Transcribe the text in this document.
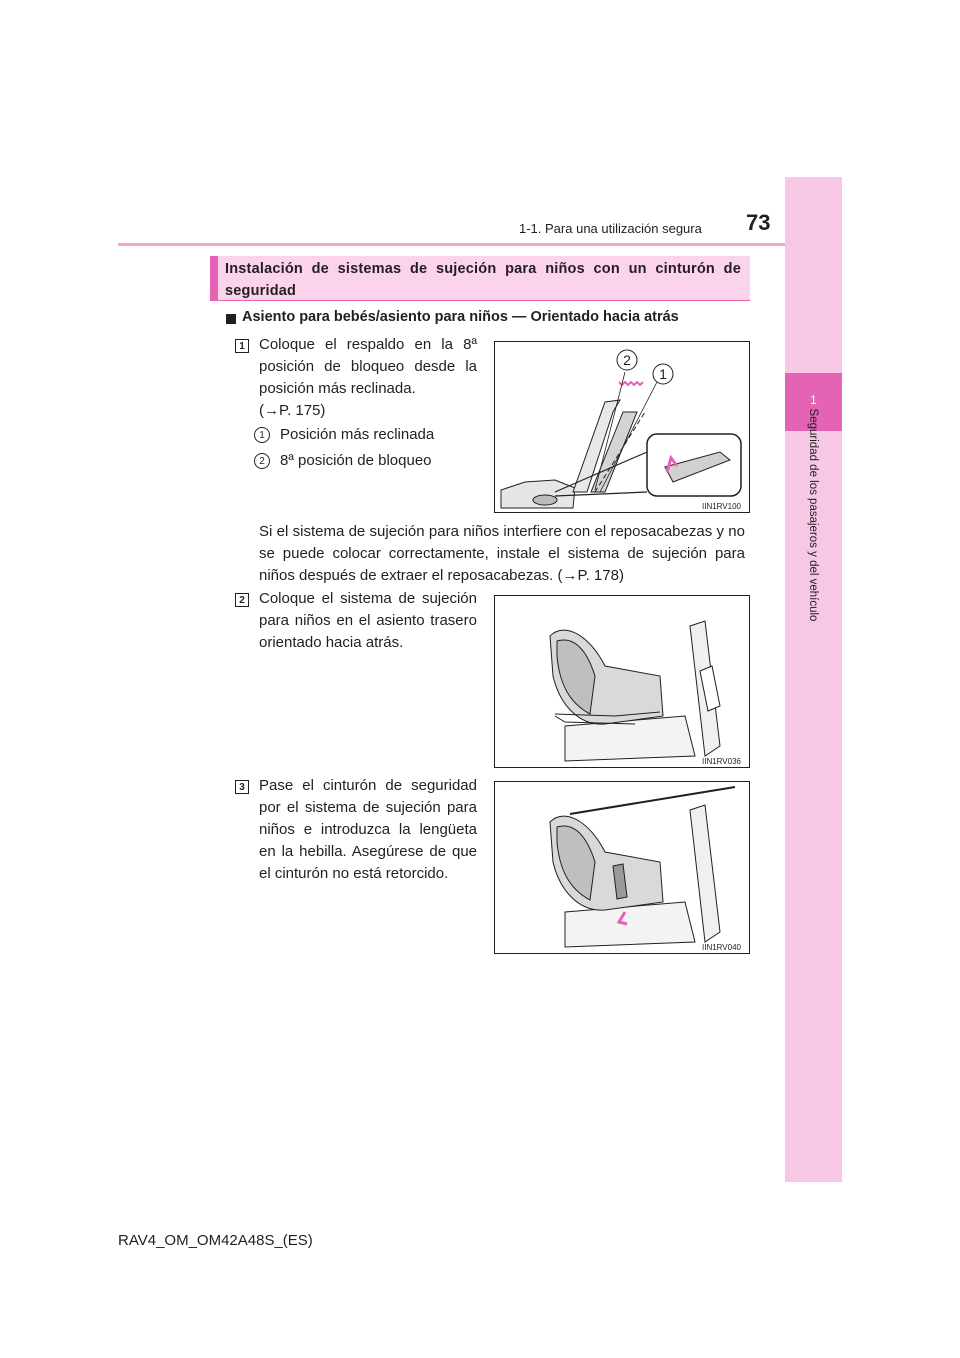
1-1. Para una utilización segura 73
1
Seguridad de los pasajeros y del vehículo
Instalación de sistemas de sujeción para niños con un cinturón de seguridad
Asiento para bebés/asiento para niños — Orientado hacia atrás
1 Coloque el respaldo en la 8ª posición de bloqueo desde la posición más reclinada.
(→P. 175)
1	Posición más reclinada
2	8ª posición de bloqueo
2
1
IIN1RV100
Si el sistema de sujeción para niños interfiere con el reposacabezas y no se puede colocar correctamente, instale el sistema de sujeción para niños después de extraer el reposacabezas. (→P. 178)
2 Coloque el sistema de sujeción para niños en el asiento trasero orientado hacia atrás.
IIN1RV036
3 Pase el cinturón de seguridad por el sistema de sujeción para niños e introduzca la lengüeta en la hebilla. Asegúrese de que el cinturón no está retorcido.
IIN1RV040
RAV4_OM_OM42A48S_(ES)
